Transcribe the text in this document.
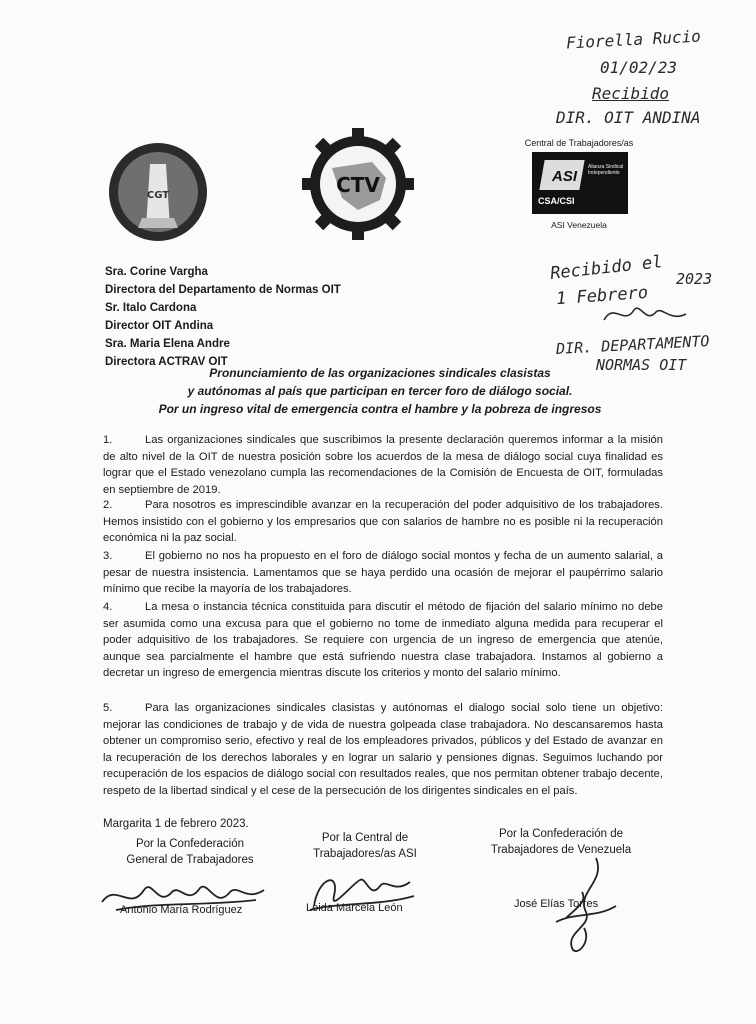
Fiorella Rucio
01/02/23
Recibido
DIR. OIT ANDINA
CGT	CTV
Central de Trabajadores/as
ASI
Alianza Sindical Independiente
CSA/CSI
ASI Venezuela
Sra. Corine Vargha
Directora del Departamento de Normas OIT
Sr. Italo Cardona
Director OIT Andina
Sra. Maria Elena Andre
Directora ACTRAV OIT
Recibido el 2023
1 Febrero
DIR. DEPARTAMENTO
NORMAS OIT
Pronunciamiento de las organizaciones sindicales clasistas
y autónomas al país que participan en tercer foro de diálogo social.
Por un ingreso vital de emergencia contra el hambre y la pobreza de ingresos
1.	Las organizaciones sindicales que suscribimos la presente declaración queremos informar a la misión de alto nivel de la OIT de nuestra posición sobre los acuerdos de la mesa de diálogo social cuya finalidad es lograr que el Estado venezolano cumpla las recomendaciones de la Comisión de Encuesta de OIT, formuladas en septiembre de 2019.
2.	Para nosotros es imprescindible avanzar en la recuperación del poder adquisitivo de los trabajadores. Hemos insistido con el gobierno y los empresarios que con salarios de hambre no es posible ni la recuperación económica ni la paz social.
3.	El gobierno no nos ha propuesto en el foro de diálogo social montos y fecha de un aumento salarial, a pesar de nuestra insistencia. Lamentamos que se haya perdido una ocasión de mejorar el paupérrimo salario mínimo que recibe la mayoría de los trabajadores.
4.	La mesa o instancia técnica constituida para discutir el método de fijación del salario mínimo no debe ser asumida como una excusa para que el gobierno no tome de inmediato alguna medida para recuperar el poder adquisitivo de los trabajadores. Se requiere con urgencia de un ingreso de emergencia que atenúe, aunque sea parcialmente el hambre que está sufriendo nuestra clase trabajadora. Instamos al gobierno a decretar un ingreso de emergencia mientras discute los criterios y monto del salario mínimo.
5.	Para las organizaciones sindicales clasistas y autónomas el dialogo social solo tiene un objetivo: mejorar las condiciones de trabajo y de vida de nuestra golpeada clase trabajadora. No descansaremos hasta obtener un compromiso serio, efectivo y real de los empleadores privados, públicos y del Estado de avanzar en la recuperación de los derechos laborales y en lograr un salario y pensiones dignas. Seguimos luchando por recuperación de los espacios de diálogo social con resultados reales, que nos permitan obtener trabajo decente, respeto de la libertad sindical y el cese de la persecución de los dirigentes sindicales en el país.
Margarita 1 de febrero 2023.
Por la Confederación
General de Trabajadores
Por la Central de
Trabajadores/as ASI
Por la Confederación de
Trabajadores de Venezuela
Antonio María Rodríguez	Leida Marcela León	José Elías Torres
